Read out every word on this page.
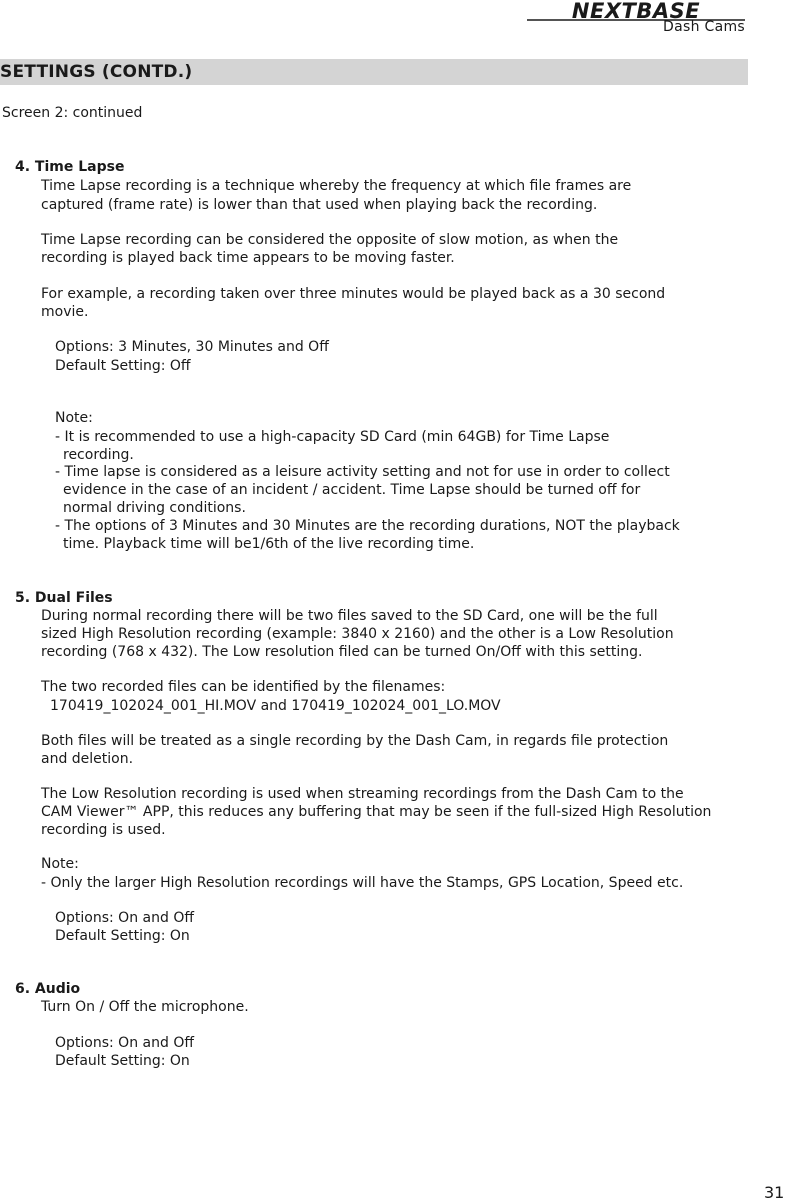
NEXTBASE
Dash Cams
SETTINGS (CONTD.)
Screen 2: continued
4. Time Lapse
Time Lapse recording is a technique whereby the frequency at which file frames are
captured (frame rate) is lower than that used when playing back the recording.
Time Lapse recording can be considered the opposite of slow motion, as when the
recording is played back time appears to be moving faster.
For example, a recording taken over three minutes would be played back as a 30 second
movie.
Options: 3 Minutes, 30 Minutes and Off
Default Setting: Off
Note:
- It is recommended to use a high-capacity SD Card (min 64GB) for Time Lapse
recording.
- Time lapse is considered as a leisure activity setting and not for use in order to collect
evidence in the case of an incident / accident. Time Lapse should be turned off for
normal driving conditions.
- The options of 3 Minutes and 30 Minutes are the recording durations, NOT the playback
time. Playback time will be1/6th of the live recording time.
5. Dual Files
During normal recording there will be two files saved to the SD Card, one will be the full
sized High Resolution recording (example: 3840 x 2160) and the other is a Low Resolution
recording (768 x 432). The Low resolution filed can be turned On/Off with this setting.
The two recorded files can be identified by the filenames:
170419_102024_001_HI.MOV and 170419_102024_001_LO.MOV
Both files will be treated as a single recording by the Dash Cam, in regards file protection
and deletion.
The Low Resolution recording is used when streaming recordings from the Dash Cam to the
CAM Viewer™ APP, this reduces any buffering that may be seen if the full-sized High Resolution
recording is used.
Note:
- Only the larger High Resolution recordings will have the Stamps, GPS Location, Speed etc.
Options: On and Off
Default Setting: On
6. Audio
Turn On / Off the microphone.
Options: On and Off
Default Setting: On
31
